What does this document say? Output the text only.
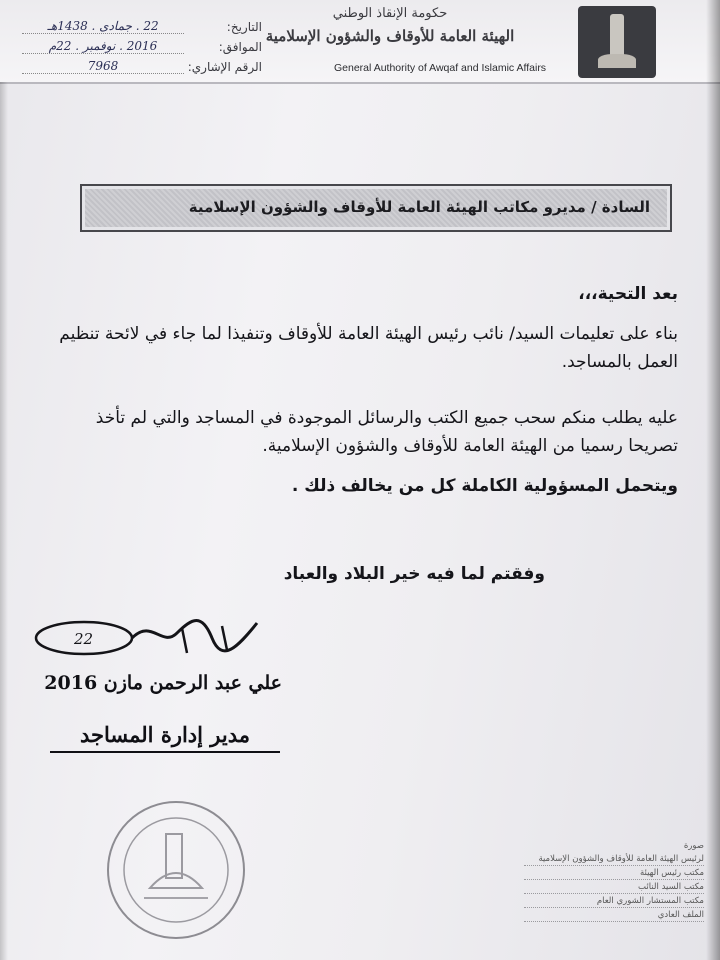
حكومة الإنقاذ الوطني
الهيئة العامة للأوقاف والشؤون الإسلامية
General Authority of Awqaf and Islamic Affairs
التاريخ:
22 . جمادى . 1438هـ
الموافق:
2016 . نوفمبر . 22م
الرقم الإشاري:
7968
السادة / مديرو مكاتب الهيئة العامة للأوقاف والشؤون الإسلامية
بعد التحية،،،
بناء على تعليمات السيد/ نائب رئيس الهيئة العامة للأوقاف وتنفيذا لما جاء في لائحة تنظيم العمل بالمساجد.
عليه يطلب منكم سحب جميع الكتب والرسائل الموجودة في المساجد والتي لم تأخذ تصريحا رسميا من الهيئة العامة للأوقاف والشؤون الإسلامية.
ويتحمل المسؤولية الكاملة كل من يخالف ذلك .
وفقتم لما فيه خير البلاد والعباد
22
علي عبد الرحمن مازن 2016
مدير إدارة المساجد
صورة
لرئيس الهيئة العامة للأوقاف والشؤون الإسلامية
مكتب رئيس الهيئة
مكتب السيد النائب
مكتب المستشار الشوري العام
الملف العادي
